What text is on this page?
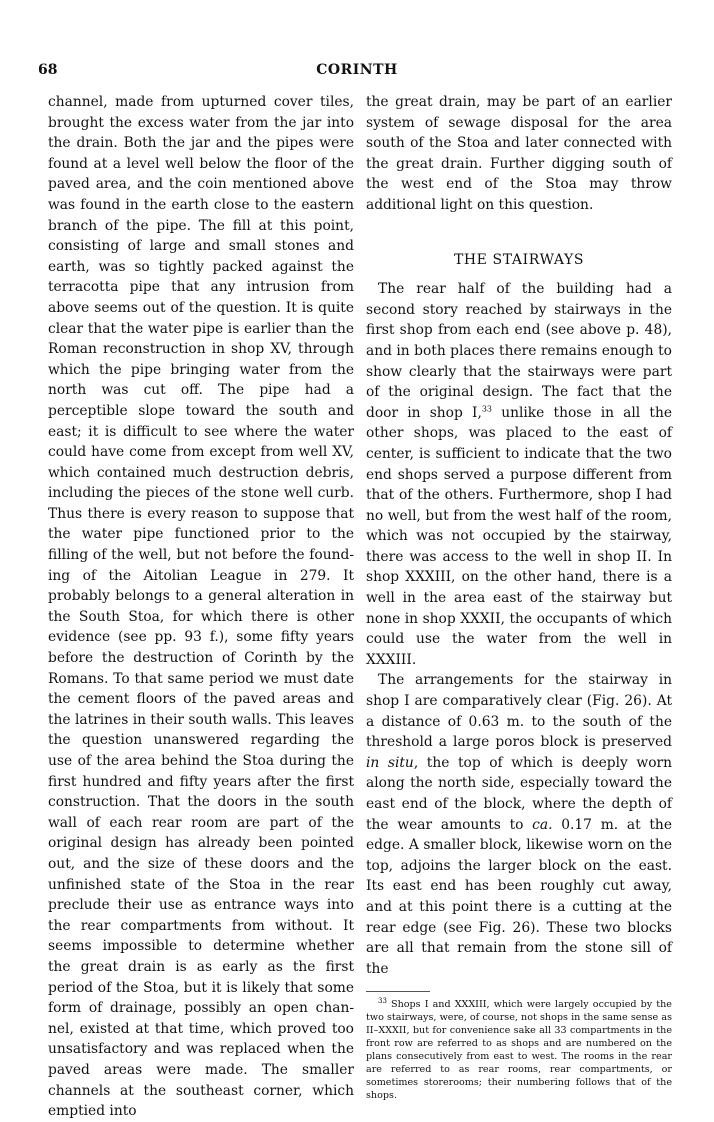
68	CORINTH

channel, made from upturned cover tiles, brought the excess water from the jar into the drain. Both the jar and the pipes were found at a level well below the floor of the paved area, and the coin mentioned above was found in the earth close to the eastern branch of the pipe. The fill at this point, consisting of large and small stones and earth, was so tightly packed against the terracotta pipe that any intrusion from above seems out of the question. It is quite clear that the water pipe is earlier than the Roman reconstruction in shop XV, through which the pipe bringing water from the north was cut off. The pipe had a perceptible slope toward the south and east; it is difficult to see where the water could have come from except from well XV, which contained much destruction debris, including the pieces of the stone well curb. Thus there is every reason to suppose that the water pipe functioned prior to the filling of the well, but not before the founding of the Aitolian League in 279. It probably belongs to a general alteration in the South Stoa, for which there is other evidence (see pp. 93 f.), some fifty years before the destruction of Corinth by the Romans. To that same period we must date the cement floors of the paved areas and the latrines in their south walls. This leaves the question unanswered regarding the use of the area behind the Stoa during the first hundred and fifty years after the first construction. That the doors in the south wall of each rear room are part of the original design has already been pointed out, and the size of these doors and the unfinished state of the Stoa in the rear preclude their use as entrance ways into the rear compartments from without. It seems impossible to determine whether the great drain is as early as the first period of the Stoa, but it is likely that some form of drainage, possibly an open channel, existed at that time, which proved too unsatisfactory and was replaced when the paved areas were made. The smaller channels at the southeast corner, which emptied into

the great drain, may be part of an earlier system of sewage disposal for the area south of the Stoa and later connected with the great drain. Further digging south of the west end of the Stoa may throw additional light on this question.

THE STAIRWAYS

The rear half of the building had a second story reached by stairways in the first shop from each end (see above p. 48), and in both places there remains enough to show clearly that the stairways were part of the original design. The fact that the door in shop I,$^{33}$ unlike those in all the other shops, was placed to the east of center, is sufficient to indicate that the two end shops served a purpose different from that of the others. Furthermore, shop I had no well, but from the west half of the room, which was not occupied by the stairway, there was access to the well in shop II. In shop XXXIII, on the other hand, there is a well in the area east of the stairway but none in shop XXXII, the occupants of which could use the water from the well in XXXIII.

The arrangements for the stairway in shop I are comparatively clear (Fig. 26). At a distance of 0.63 m. to the south of the threshold a large poros block is preserved in situ, the top of which is deeply worn along the north side, especially toward the east end of the block, where the depth of the wear amounts to ca. 0.17 m. at the edge. A smaller block, likewise worn on the top, adjoins the larger block on the east. Its east end has been roughly cut away, and at this point there is a cutting at the rear edge (see Fig. 26). These two blocks are all that remain from the stone sill of the

$^{33}$ Shops I and XXXIII, which were largely occupied by the two stairways, were, of course, not shops in the same sense as II–XXXII, but for convenience sake all 33 compartments in the front row are referred to as shops and are numbered on the plans consecutively from east to west. The rooms in the rear are referred to as rear rooms, rear compartments, or sometimes storerooms; their numbering follows that of the shops.
